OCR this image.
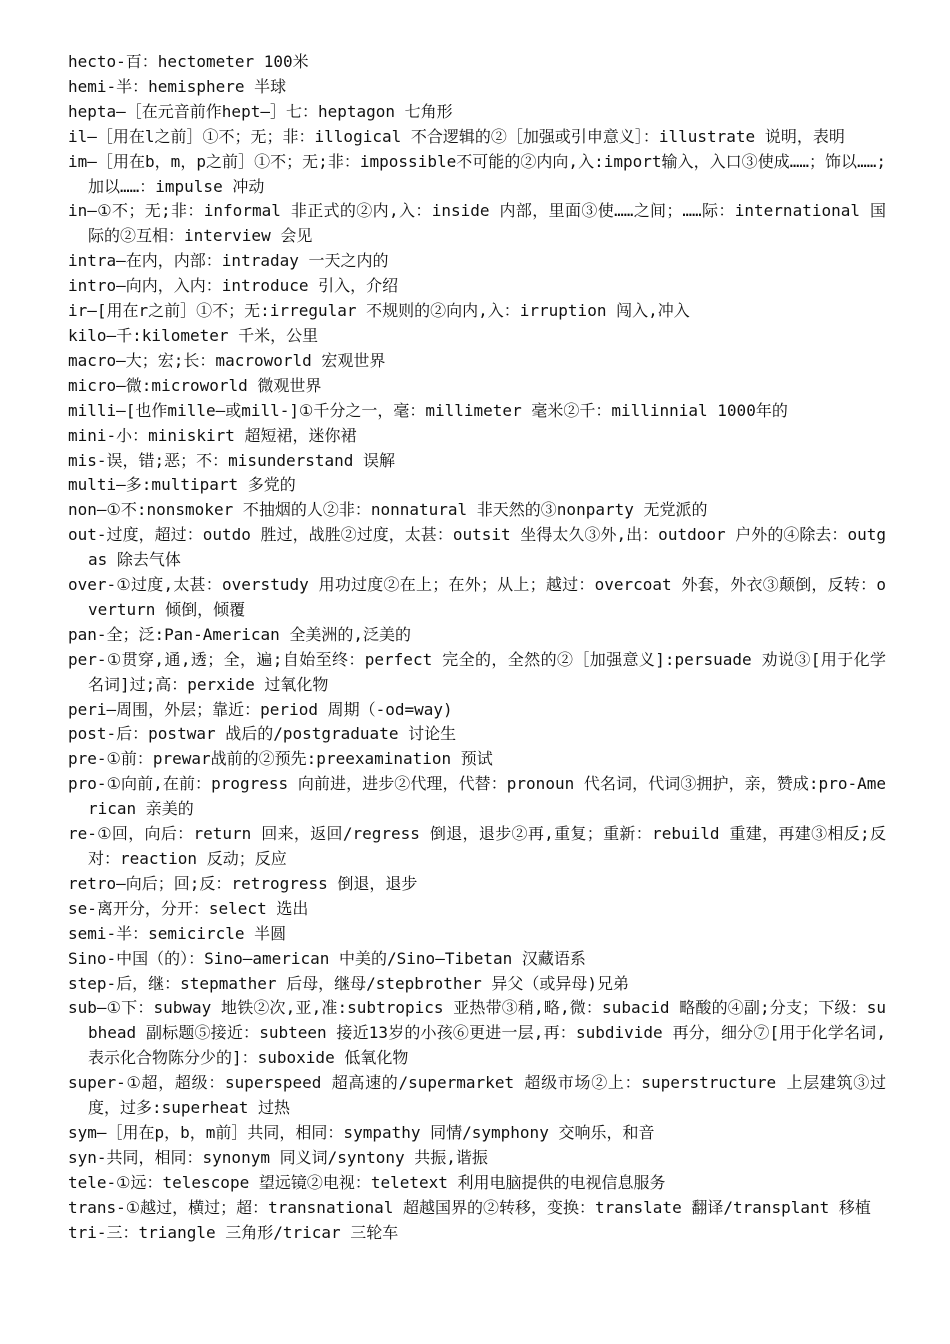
hecto-百：hectometer 100米

hemi-半：hemisphere 半球

hepta—［在元音前作hept—］七：heptagon 七角形

il—［用在l之前］①不；无；非：illogical 不合逻辑的②［加强或引申意义］：illustrate 说明，表明

im—［用在b，m，p之前］①不；无;非：impossible不可能的②内向,入:import输入，入口③使成……；饰以……;加以……：impulse 冲动

in—①不；无;非：informal 非正式的②内,入：inside 内部，里面③使……之间；……际：international 国际的②互相：interview 会见

intra—在内，内部：intraday 一天之内的

intro—向内，入内：introduce 引入，介绍

ir—[用在r之前］①不；无:irregular 不规则的②向内,入：irruption 闯入,冲入

kilo—千:kilometer 千米，公里

macro—大；宏;长：macroworld 宏观世界

micro—微:microworld 微观世界

milli—[也作mille—或mill-]①千分之一，毫：millimeter 毫米②千：millinnial 1000年的

mini-小：miniskirt 超短裙，迷你裙

mis-误，错;恶；不：misunderstand 误解

multi—多:multipart 多党的

non—①不:nonsmoker 不抽烟的人②非：nonnatural 非天然的③nonparty 无党派的

out-过度，超过：outdo 胜过，战胜②过度，太甚：outsit 坐得太久③外,出：outdoor 户外的④除去：outgas 除去气体

over-①过度,太甚：overstudy 用功过度②在上；在外；从上；越过：overcoat 外套，外衣③颠倒，反转：overturn 倾倒，倾覆

pan-全；泛:Pan-American 全美洲的,泛美的

per-①贯穿,通,透；全，遍;自始至终：perfect 完全的，全然的②［加强意义]:persuade 劝说③[用于化学名词]过;高：perxide 过氧化物

peri—周围，外层；靠近：period 周期（-od=way)

post-后：postwar 战后的/postgraduate 讨论生

pre-①前：prewar战前的②预先:preexamination 预试

pro-①向前,在前：progress 向前进，进步②代理，代替：pronoun 代名词，代词③拥护，亲，赞成:pro-American 亲美的

re-①回，向后：return 回来，返回/regress 倒退，退步②再,重复；重新：rebuild 重建，再建③相反;反对：reaction 反动；反应

retro—向后；回;反：retrogress 倒退，退步

se-离开分，分开：select 选出

semi-半：semicircle 半圆

Sino-中国（的）：Sino—american 中美的/Sino—Tibetan 汉藏语系

step-后，继：stepmather 后母，继母/stepbrother 异父（或异母)兄弟

sub—①下：subway 地铁②次,亚,准:subtropics 亚热带③稍,略,微：subacid 略酸的④副;分支；下级：subhead 副标题⑤接近：subteen 接近13岁的小孩⑥更进一层,再：subdivide 再分，细分⑦[用于化学名词,表示化合物陈分少的]：suboxide 低氧化物

super-①超，超级：superspeed 超高速的/supermarket 超级市场②上：superstructure 上层建筑③过度，过多:superheat 过热

sym—［用在p，b，m前］共同，相同：sympathy 同情/symphony 交响乐，和音

syn-共同，相同：synonym 同义词/syntony 共振,谐振

tele-①远：telescope 望远镜②电视：teletext 利用电脑提供的电视信息服务

trans-①越过，横过；超：transnational 超越国界的②转移，变换：translate 翻译/transplant 移植

tri-三：triangle 三角形/tricar 三轮车
